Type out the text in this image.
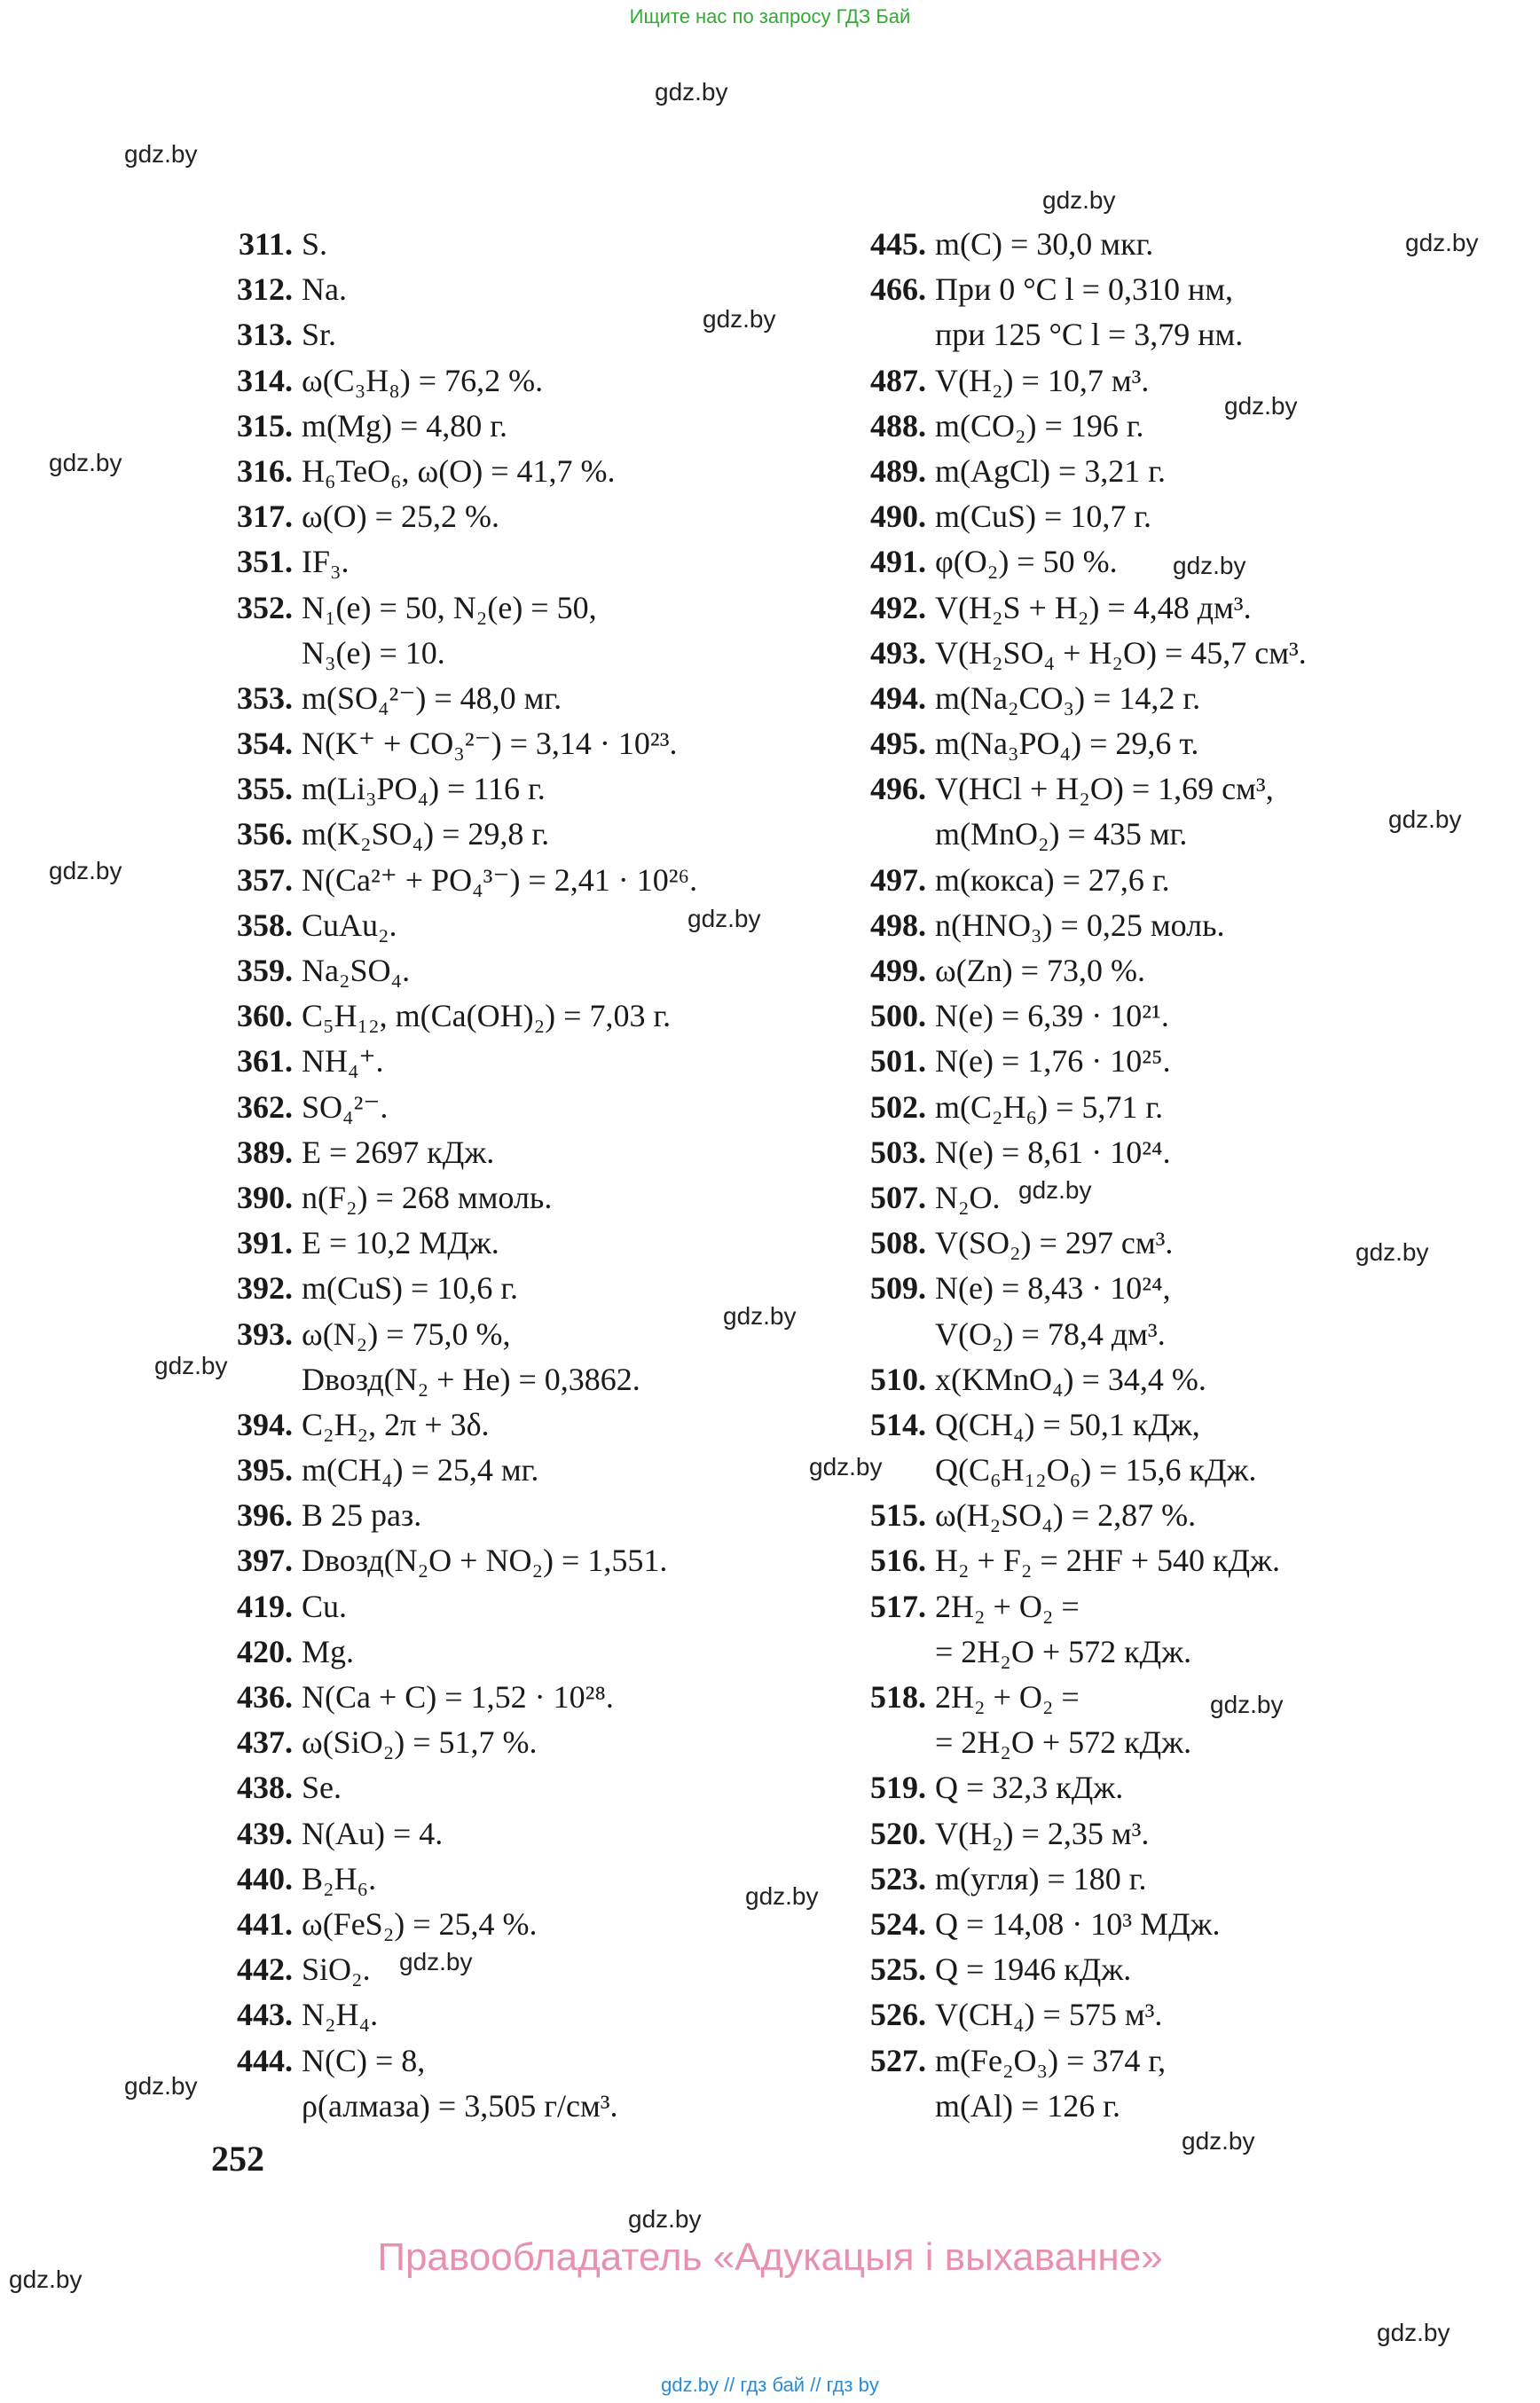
Ищите нас по запросу ГДЗ Бай
gdz.by
gdz.by
gdz.by
gdz.by
gdz.by
gdz.by
gdz.by
gdz.by
gdz.by
gdz.by
gdz.by
gdz.by
gdz.by
gdz.by
gdz.by
gdz.by
gdz.by
gdz.by
gdz.by
gdz.by
gdz.by
gdz.by
gdz.by
gdz.by
311. S.
312. Na.
313. Sr.
314. ω(C₃H₈) = 76,2 %.
315. m(Mg) = 4,80 г.
316. H₆TeO₆, ω(O) = 41,7 %.
317. ω(O) = 25,2 %.
351. IF₃.
352. N₁(e) = 50, N₂(e) = 50,
N₃(e) = 10.
353. m(SO₄²⁻) = 48,0 мг.
354. N(K⁺ + CO₃²⁻) = 3,14 · 10²³.
355. m(Li₃PO₄) = 116 г.
356. m(K₂SO₄) = 29,8 г.
357. N(Ca²⁺ + PO₄³⁻) = 2,41 · 10²⁶.
358. CuAu₂.
359. Na₂SO₄.
360. C₅H₁₂, m(Ca(OH)₂) = 7,03 г.
361. NH₄⁺.
362. SO₄²⁻.
389. E = 2697 кДж.
390. n(F₂) = 268 ммоль.
391. E = 10,2 МДж.
392. m(CuS) = 10,6 г.
393. ω(N₂) = 75,0 %,
Dвозд(N₂ + He) = 0,3862.
394. C₂H₂, 2π + 3δ.
395. m(CH₄) = 25,4 мг.
396. В 25 раз.
397. Dвозд(N₂O + NO₂) = 1,551.
419. Cu.
420. Mg.
436. N(Ca + C) = 1,52 · 10²⁸.
437. ω(SiO₂) = 51,7 %.
438. Se.
439. N(Au) = 4.
440. B₂H₆.
441. ω(FeS₂) = 25,4 %.
442. SiO₂.
443. N₂H₄.
444. N(C) = 8,
ρ(алмаза) = 3,505 г/см³.
445. m(C) = 30,0 мкг.
466. При 0 °C l = 0,310 нм,
при 125 °C l = 3,79 нм.
487. V(H₂) = 10,7 м³.
488. m(CO₂) = 196 г.
489. m(AgCl) = 3,21 г.
490. m(CuS) = 10,7 г.
491. φ(O₂) = 50 %.
492. V(H₂S + H₂) = 4,48 дм³.
493. V(H₂SO₄ + H₂O) = 45,7 см³.
494. m(Na₂CO₃) = 14,2 г.
495. m(Na₃PO₄) = 29,6 т.
496. V(HCl + H₂O) = 1,69 см³,
m(MnO₂) = 435 мг.
497. m(кокса) = 27,6 г.
498. n(HNO₃) = 0,25 моль.
499. ω(Zn) = 73,0 %.
500. N(e) = 6,39 · 10²¹.
501. N(e) = 1,76 · 10²⁵.
502. m(C₂H₆) = 5,71 г.
503. N(e) = 8,61 · 10²⁴.
507. N₂O.
508. V(SO₂) = 297 см³.
509. N(e) = 8,43 · 10²⁴,
V(O₂) = 78,4 дм³.
510. x(KMnO₄) = 34,4 %.
514. Q(CH₄) = 50,1 кДж,
Q(C₆H₁₂O₆) = 15,6 кДж.
515. ω(H₂SO₄) = 2,87 %.
516. H₂ + F₂ = 2HF + 540 кДж.
517. 2H₂ + O₂ =
= 2H₂O + 572 кДж.
518. 2H₂ + O₂ =
= 2H₂O + 572 кДж.
519. Q = 32,3 кДж.
520. V(H₂) = 2,35 м³.
523. m(угля) = 180 г.
524. Q = 14,08 · 10³ МДж.
525. Q = 1946 кДж.
526. V(CH₄) = 575 м³.
527. m(Fe₂O₃) = 374 г,
m(Al) = 126 г.
252
Правообладатель «Адукацыя і выхаванне»
gdz.by // гдз бай // гдз by
